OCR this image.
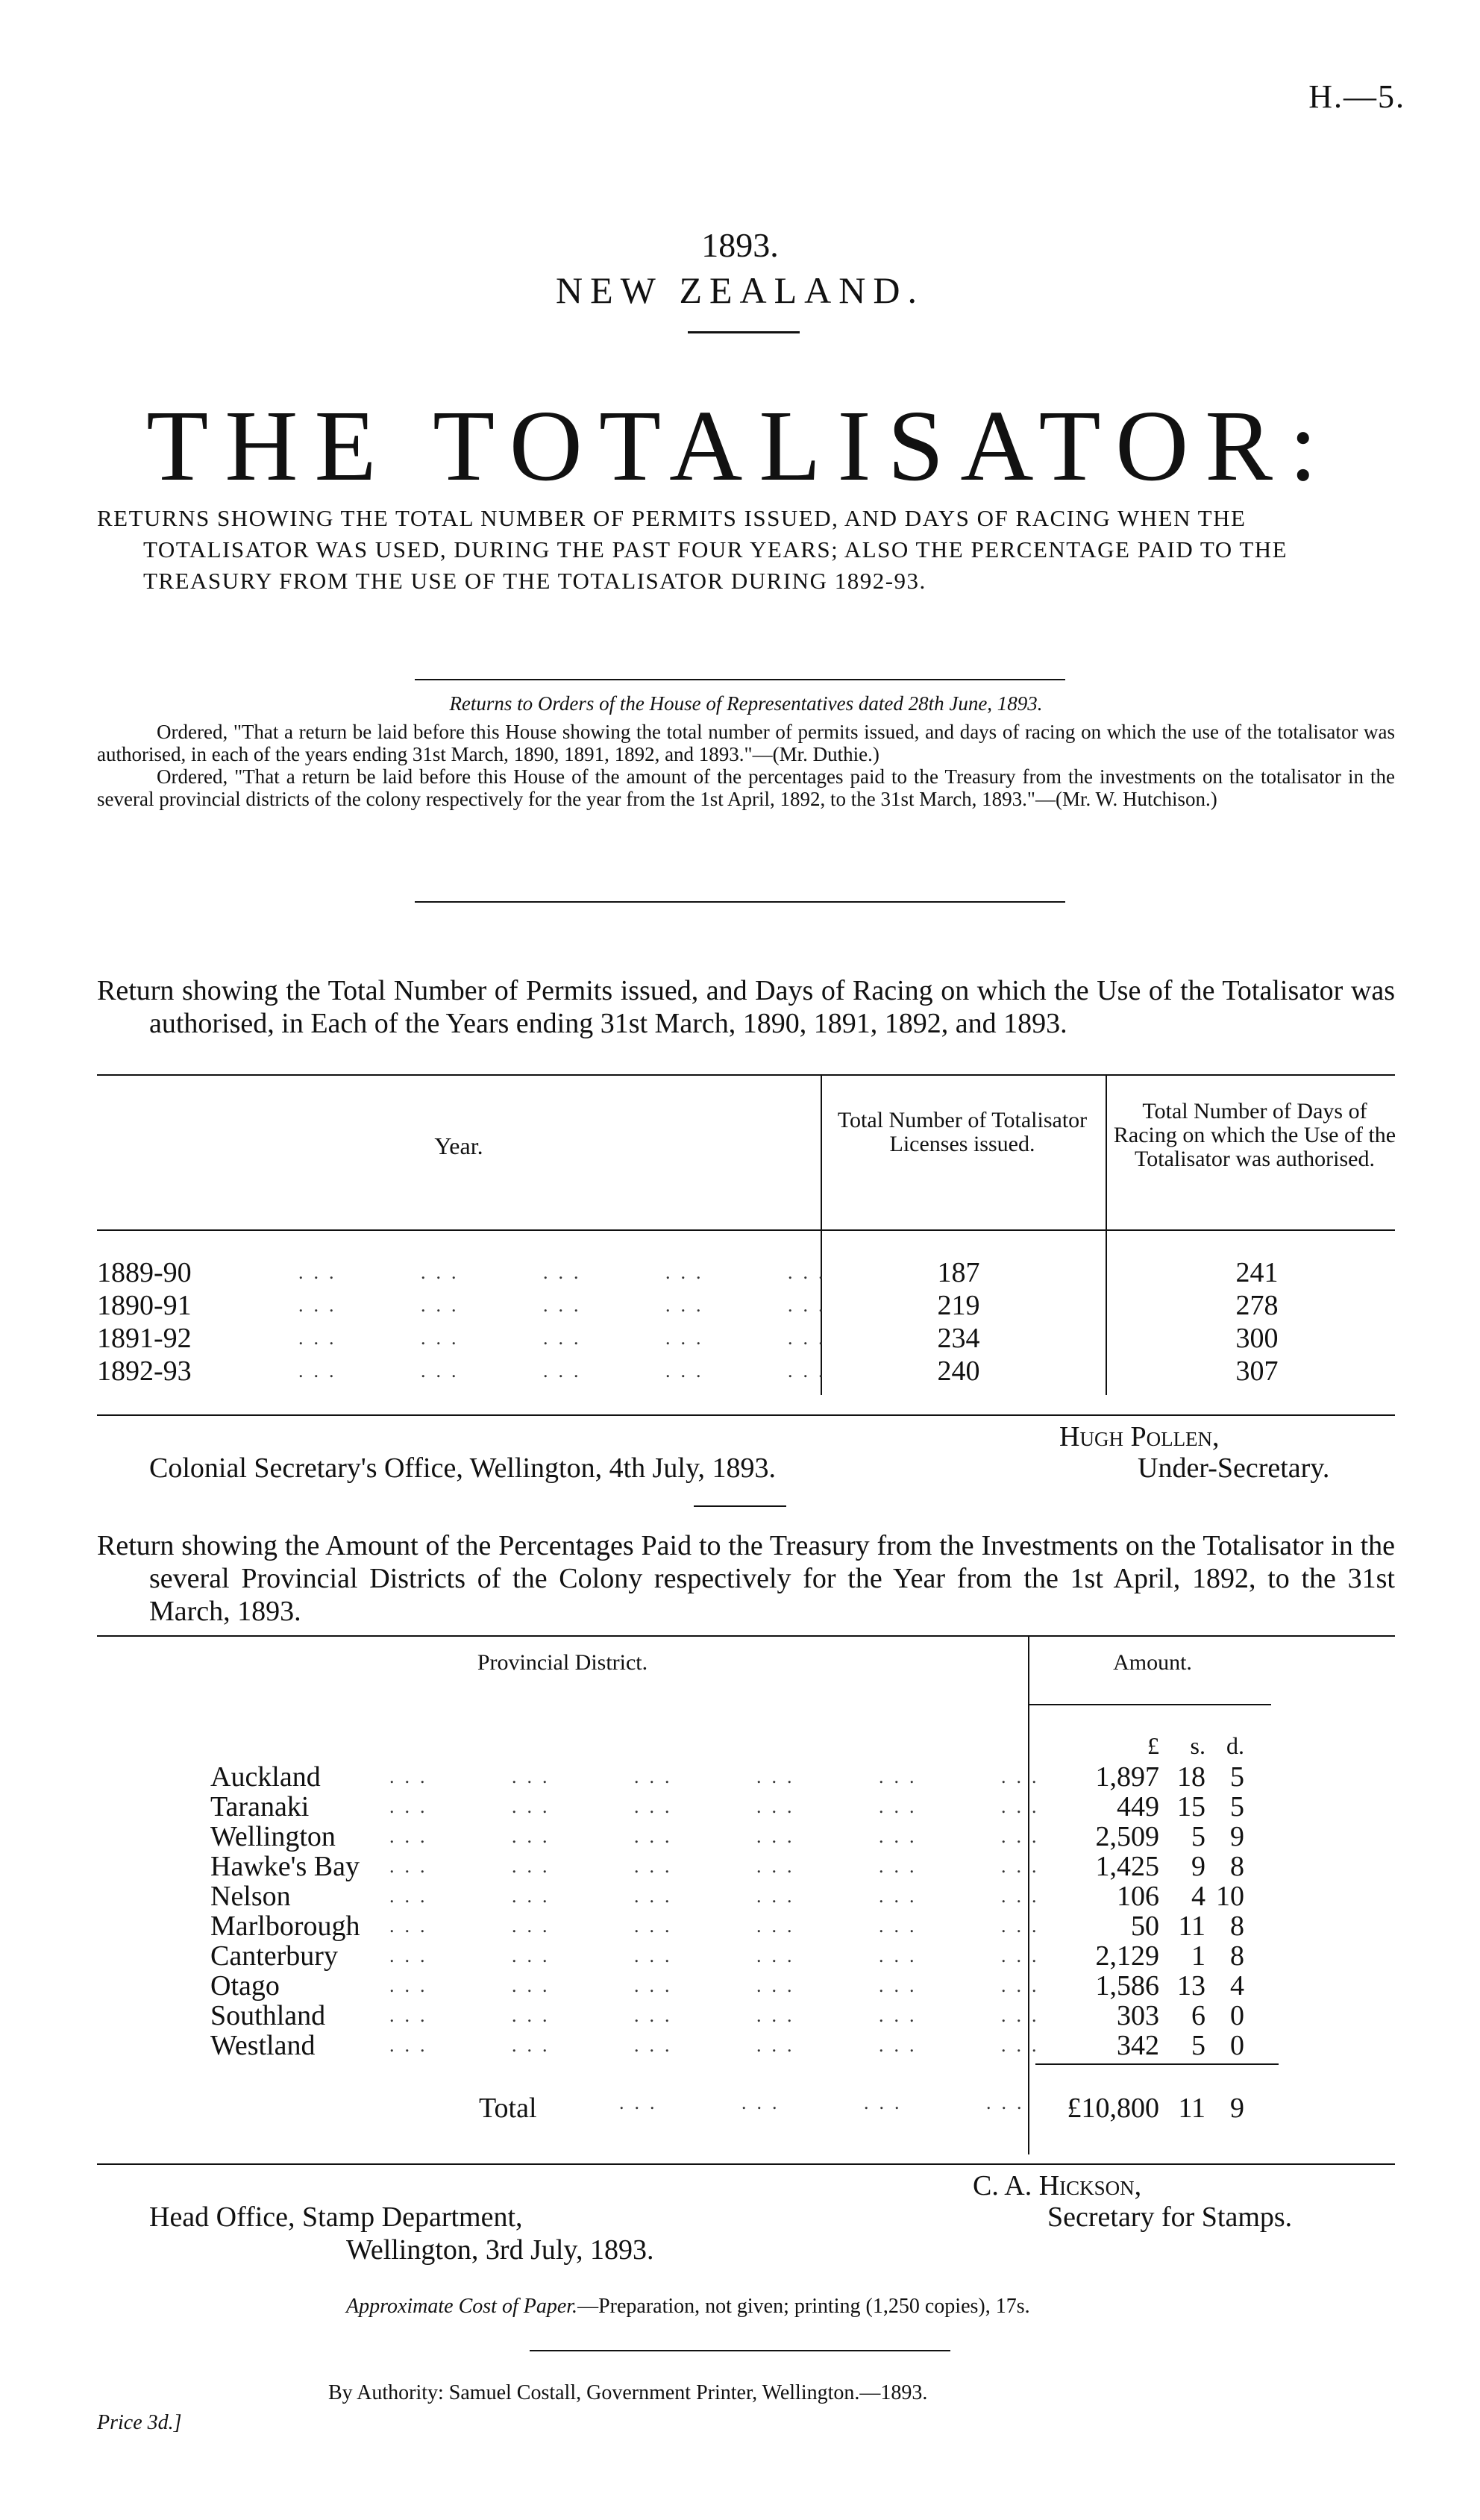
H.—5.
1893.
NEW ZEALAND.
THE TOTALISATOR:

RETURNS SHOWING THE TOTAL NUMBER OF PERMITS ISSUED, AND DAYS OF RACING WHEN THE TOTALISATOR WAS USED, DURING THE PAST FOUR YEARS; ALSO THE PERCENTAGE PAID TO THE TREASURY FROM THE USE OF THE TOTALISATOR DURING 1892-93.

Returns to Orders of the House of Representatives dated 28th June, 1893.

Ordered, "That a return be laid before this House showing the total number of permits issued, and days of racing on which the use of the totalisator was authorised, in each of the years ending 31st March, 1890, 1891, 1892, and 1893."—(Mr. Duthie.)

Ordered, "That a return be laid before this House of the amount of the percentages paid to the Treasury from the investments on the totalisator in the several provincial districts of the colony respectively for the year from the 1st April, 1892, to the 31st March, 1893."—(Mr. W. Hutchison.)

Return showing the Total Number of Permits issued, and Days of Racing on which the Use of the Totalisator was authorised, in Each of the Years ending 31st March, 1890, 1891, 1892, and 1893.

Year.
Total Number of Totalisator Licenses issued.
Total Number of Days of Racing on which the Use of the Totalisator was authorised.
1889-90	...     ...     ...     ...     ...	187	241
1890-91	...     ...     ...     ...     ...	219	278
1891-92	...     ...     ...     ...     ...	234	300
1892-93	...     ...     ...     ...     ...	240	307
Hugh Pollen,
Colonial Secretary's Office, Wellington, 4th July, 1893.	Under-Secretary.

Return showing the Amount of the Percentages Paid to the Treasury from the Investments on the Totalisator in the several Provincial Districts of the Colony respectively for the Year from the 1st April, 1892, to the 31st March, 1893.

Provincial District.	Amount.
£	s. d.
Auckland	...     ...     ...     ...     ...     ...	1,897 18 5
Taranaki	...     ...     ...     ...     ...     ...	449 15 5
Wellington	...     ...     ...     ...     ...     ...	2,509	5 9
Hawke's Bay ...     ...     ...     ...     ...     ...	1,425	9 8
Nelson	...     ...     ...     ...     ...     ...	106	4 10
Marlborough ...     ...     ...     ...     ...     ...	50 11 8
Canterbury	...     ...     ...     ...     ...     ...	2,129	1 8
Otago	...     ...     ...     ...     ...     ...	1,586 13 4
Southland	...     ...     ...     ...     ...     ...	303	6 0
Westland	...     ...     ...     ...     ...     ...	342	5 0
Total	...     ...     ...     ...	£10,800 11 9
C. A. Hickson,
Head Office, Stamp Department,	Secretary for Stamps.
Wellington, 3rd July, 1893.
Approximate Cost of Paper.—Preparation, not given; printing (1,250 copies), 17s.
By Authority: Samuel Costall, Government Printer, Wellington.—1893.
Price 3d.]
